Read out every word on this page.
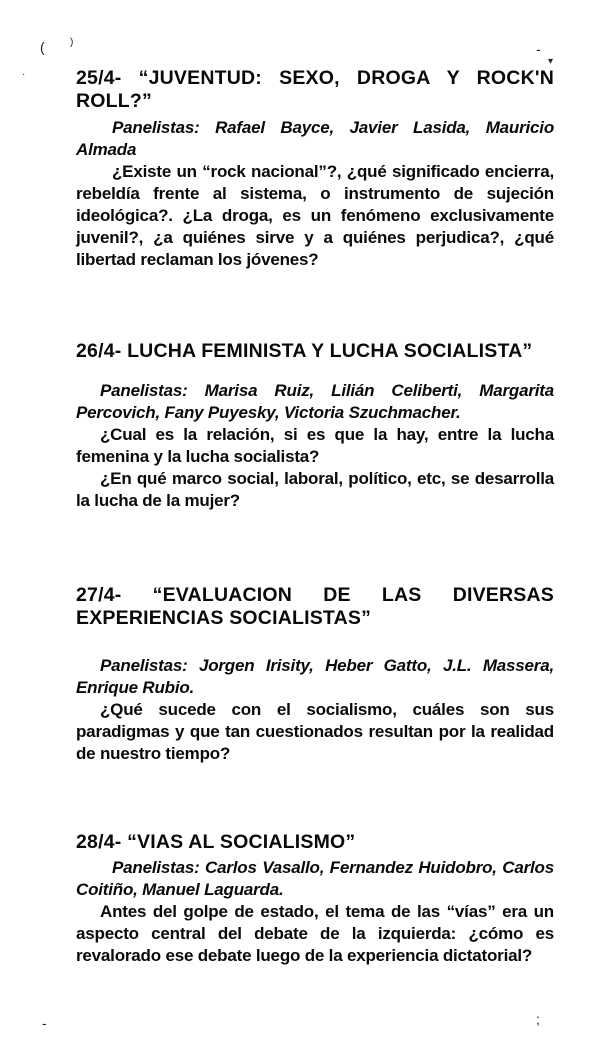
(	)
·
-
▾
-	;

25/4- “JUVENTUD: SEXO, DROGA Y ROCK'N ROLL?”

Panelistas: Rafael Bayce, Javier Lasida, Mauricio Almada

¿Existe un “rock nacional”?, ¿qué significado encierra, rebeldía frente al sistema, o instrumento de sujeción ideológica?. ¿La droga, es un fenómeno exclusivamente juvenil?, ¿a quiénes sirve y a quiénes perjudica?, ¿qué libertad reclaman los jóvenes?

26/4- LUCHA FEMINISTA Y LUCHA SOCIALISTA”

Panelistas: Marisa Ruiz, Lilián Celiberti, Margarita Percovich, Fany Puyesky, Victoria Szuchmacher.

¿Cual es la relación, si es que la hay, entre la lucha femenina y la lucha socialista?

¿En qué marco social, laboral, político, etc, se desarrolla la lucha de la mujer?

27/4- “EVALUACION DE LAS DIVERSAS EXPERIENCIAS SOCIALISTAS”

Panelistas: Jorgen Irisity, Heber Gatto, J.L. Massera, Enrique Rubio.

¿Qué sucede con el socialismo, cuáles son sus paradigmas y que tan cuestionados resultan por la realidad de nuestro tiempo?

28/4- “VIAS AL SOCIALISMO”

Panelistas: Carlos Vasallo, Fernandez Huidobro, Carlos Coitiño, Manuel Laguarda.

Antes del golpe de estado, el tema de las “vías” era un aspecto central del debate de la izquierda: ¿cómo es revalorado ese debate luego de la experiencia dictatorial?
